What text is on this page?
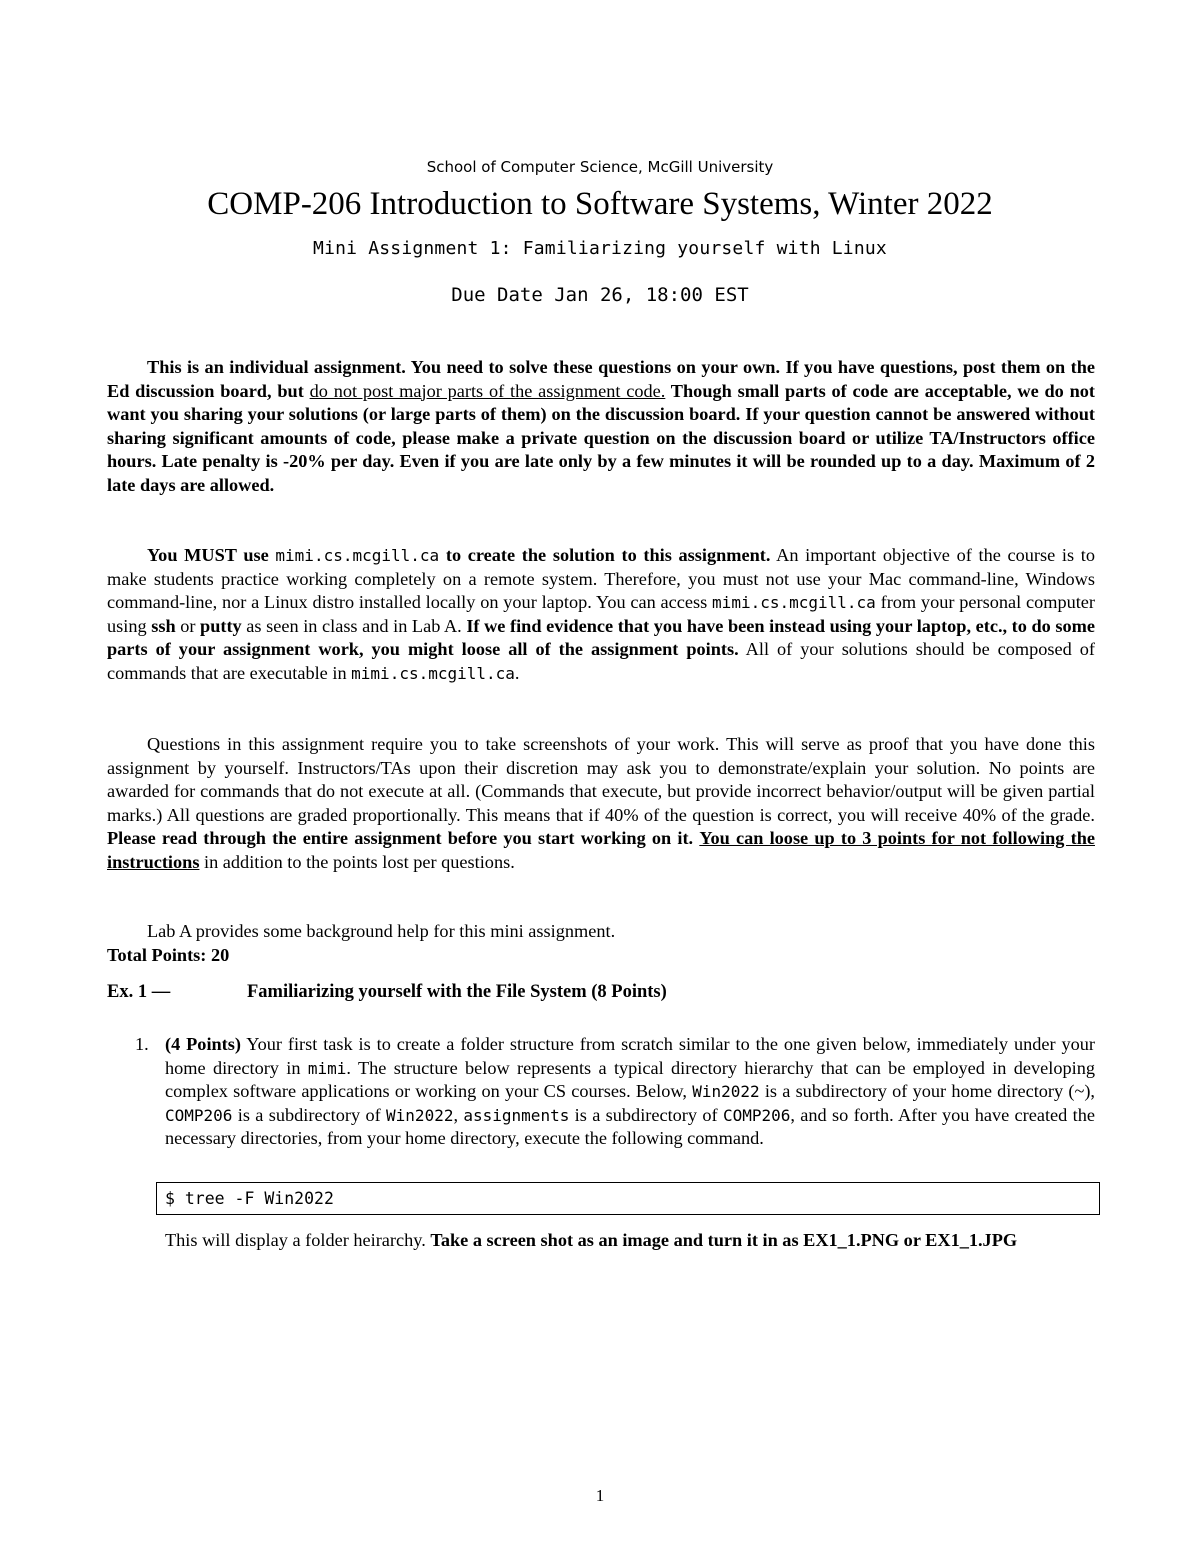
School of Computer Science, McGill University
COMP-206 Introduction to Software Systems, Winter 2022
Mini Assignment 1: Familiarizing yourself with Linux
Due Date Jan 26, 18:00 EST
This is an individual assignment. You need to solve these questions on your own. If you have questions, post them on the Ed discussion board, but do not post major parts of the assignment code. Though small parts of code are acceptable, we do not want you sharing your solutions (or large parts of them) on the discussion board. If your question cannot be answered without sharing significant amounts of code, please make a private question on the discussion board or utilize TA/Instructors office hours. Late penalty is -20% per day. Even if you are late only by a few minutes it will be rounded up to a day. Maximum of 2 late days are allowed.
You MUST use mimi.cs.mcgill.ca to create the solution to this assignment. An important objective of the course is to make students practice working completely on a remote system. Therefore, you must not use your Mac command-line, Windows command-line, nor a Linux distro installed locally on your laptop. You can access mimi.cs.mcgill.ca from your personal computer using ssh or putty as seen in class and in Lab A. If we find evidence that you have been instead using your laptop, etc., to do some parts of your assignment work, you might loose all of the assignment points. All of your solutions should be composed of commands that are executable in mimi.cs.mcgill.ca.
Questions in this assignment require you to take screenshots of your work. This will serve as proof that you have done this assignment by yourself. Instructors/TAs upon their discretion may ask you to demonstrate/explain your solution. No points are awarded for commands that do not execute at all. (Commands that execute, but provide incorrect behavior/output will be given partial marks.) All questions are graded proportionally. This means that if 40% of the question is correct, you will receive 40% of the grade. Please read through the entire assignment before you start working on it. You can loose up to 3 points for not following the instructions in addition to the points lost per questions.
Lab A provides some background help for this mini assignment.
Total Points: 20
Ex. 1 —	Familiarizing yourself with the File System (8 Points)
1. (4 Points) Your first task is to create a folder structure from scratch similar to the one given below, immediately under your home directory in mimi. The structure below represents a typical directory hierarchy that can be employed in developing complex software applications or working on your CS courses. Below, Win2022 is a subdirectory of your home directory (~), COMP206 is a subdirectory of Win2022, assignments is a subdirectory of COMP206, and so forth. After you have created the necessary directories, from your home directory, execute the following command.
$ tree -F Win2022
This will display a folder heirarchy. Take a screen shot as an image and turn it in as EX1_1.PNG or EX1_1.JPG
1
